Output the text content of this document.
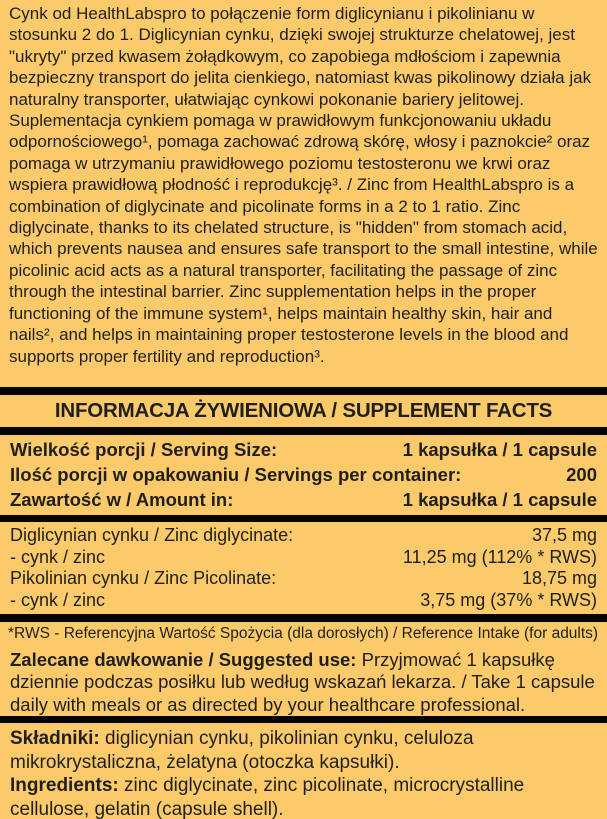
Cynk od HealthLabspro to połączenie form diglicynianu i pikolinianu w stosunku 2 do 1. Diglicynian cynku, dzięki swojej strukturze chelatowej, jest "ukryty" przed kwasem żołądkowym, co zapobiega mdłościom i zapewnia bezpieczny transport do jelita cienkiego, natomiast kwas pikolinowy działa jak naturalny transporter, ułatwiając cynkowi pokonanie bariery jelitowej. Suplementacja cynkiem pomaga w prawidłowym funkcjonowaniu układu odpornościowego¹, pomaga zachować zdrową skórę, włosy i paznokcie² oraz pomaga w utrzymaniu prawidłowego poziomu testosteronu we krwi oraz wspiera prawidłową płodność i reprodukcję³. / Zinc from HealthLabspro is a combination of diglycinate and picolinate forms in a 2 to 1 ratio. Zinc diglycinate, thanks to its chelated structure, is "hidden" from stomach acid, which prevents nausea and ensures safe transport to the small intestine, while picolinic acid acts as a natural transporter, facilitating the passage of zinc through the intestinal barrier. Zinc supplementation helps in the proper functioning of the immune system¹, helps maintain healthy skin, hair and nails², and helps in maintaining proper testosterone levels in the blood and supports proper fertility and reproduction³.

INFORMACJA ŻYWIENIOWA / SUPPLEMENT FACTS
Wielkość porcji / Serving Size:	1 kapsułka / 1 capsule
Ilość porcji w opakowaniu / Servings per container:	200
Zawartość w / Amount in:	1 kapsułka / 1 capsule
Diglicynian cynku / Zinc diglycinate:	37,5 mg
- cynk / zinc	11,25 mg (112% * RWS)
Pikolinian cynku / Zinc Picolinate:	18,75 mg
- cynk / zinc	3,75 mg (37% * RWS)
*RWS - Referencyjna Wartość Spożycia (dla dorosłych) / Reference Intake (for adults)

Zalecane dawkowanie / Suggested use: Przyjmować 1 kapsułkę dziennie podczas posiłku lub według wskazań lekarza. / Take 1 capsule daily with meals or as directed by your healthcare professional.

Składniki: diglicynian cynku, pikolinian cynku, celuloza mikrokrystaliczna, żelatyna (otoczka kapsułki).

Ingredients: zinc diglycinate, zinc picolinate, microcrystalline cellulose, gelatin (capsule shell).
